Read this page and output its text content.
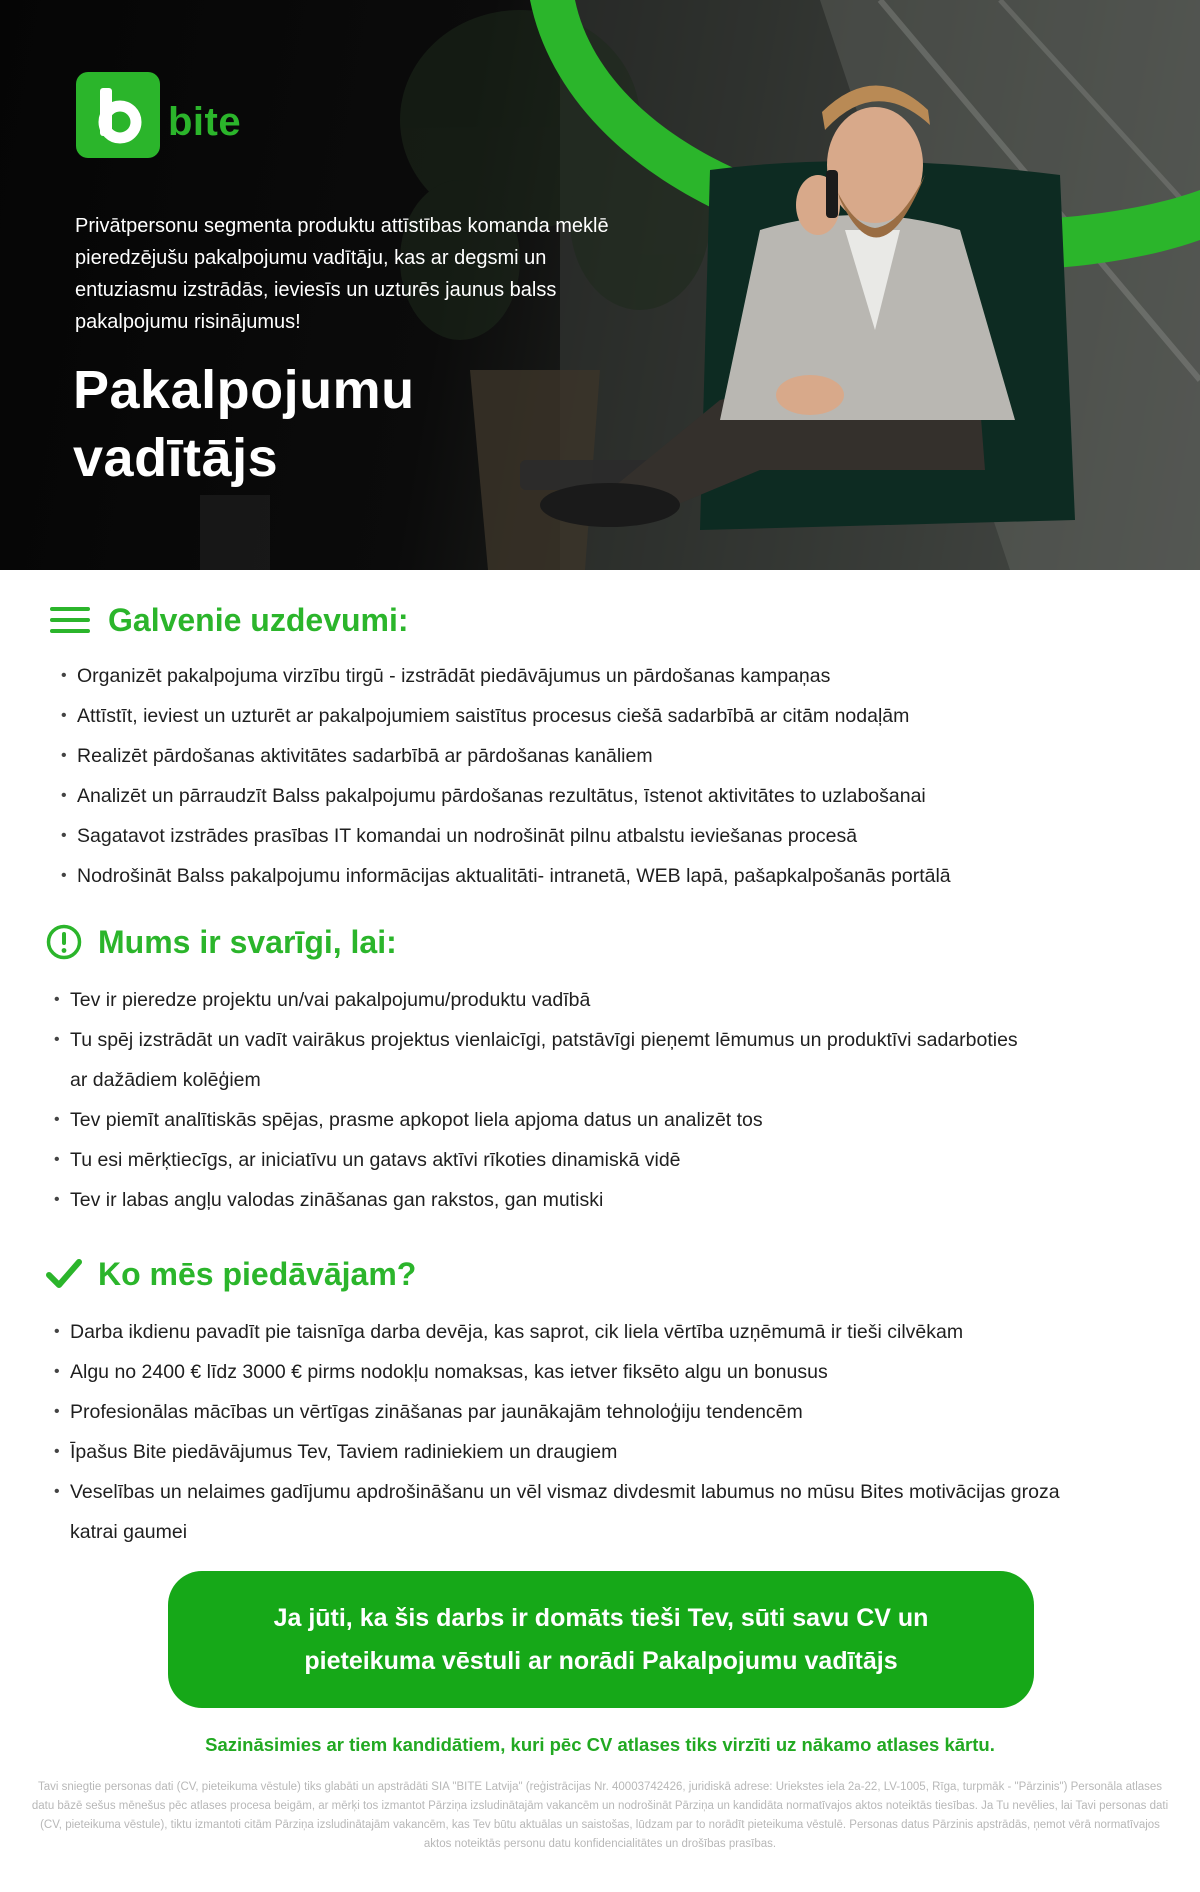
bite

Privātpersonu segmenta produktu attīstības komanda meklē pieredzējušu pakalpojumu vadītāju, kas ar degsmi un entuziasmu izstrādās, ieviesīs un uzturēs jaunus balss pakalpojumu risinājumus!

Pakalpojumu
vadītājs
Galvenie uzdevumi:
• Organizēt pakalpojuma virzību tirgū - izstrādāt piedāvājumus un pārdošanas kampaņas
• Attīstīt, ieviest un uzturēt ar pakalpojumiem saistītus procesus ciešā sadarbībā ar citām nodaļām
• Realizēt pārdošanas aktivitātes sadarbībā ar pārdošanas kanāliem
• Analizēt un pārraudzīt Balss pakalpojumu pārdošanas rezultātus, īstenot aktivitātes to uzlabošanai
• Sagatavot izstrādes prasības IT komandai un nodrošināt pilnu atbalstu ieviešanas procesā
• Nodrošināt Balss pakalpojumu informācijas aktualitāti- intranetā, WEB lapā, pašapkalpošanās portālā
Mums ir svarīgi, lai:
• Tev ir pieredze projektu un/vai pakalpojumu/produktu vadībā
• Tu spēj izstrādāt un vadīt vairākus projektus vienlaicīgi, patstāvīgi pieņemt lēmumus un produktīvi sadarboties
ar dažādiem kolēģiem
• Tev piemīt analītiskās spējas, prasme apkopot liela apjoma datus un analizēt tos
• Tu esi mērķtiecīgs, ar iniciatīvu un gatavs aktīvi rīkoties dinamiskā vidē
• Tev ir labas angļu valodas zināšanas gan rakstos, gan mutiski
Ko mēs piedāvājam?
• Darba ikdienu pavadīt pie taisnīga darba devēja, kas saprot, cik liela vērtība uzņēmumā ir tieši cilvēkam
• Algu no 2400 € līdz 3000 € pirms nodokļu nomaksas, kas ietver fiksēto algu un bonusus
• Profesionālas mācības un vērtīgas zināšanas par jaunākajām tehnoloģiju tendencēm
• Īpašus Bite piedāvājumus Tev, Taviem radiniekiem un draugiem
• Veselības un nelaimes gadījumu apdrošināšanu un vēl vismaz divdesmit labumus no mūsu Bites motivācijas groza
katrai gaumei

Ja jūti, ka šis darbs ir domāts tieši Tev, sūti savu CV un pieteikuma vēstuli ar norādi Pakalpojumu vadītājs

Sazināsimies ar tiem kandidātiem, kuri pēc CV atlases tiks virzīti uz nākamo atlases kārtu.

Tavi sniegtie personas dati (CV, pieteikuma vēstule) tiks glabāti un apstrādāti SIA "BITE Latvija" (reģistrācijas Nr. 40003742426, juridiskā adrese: Uriekstes iela 2a-22, LV-1005, Rīga, turpmāk - "Pārzinis") Personāla atlases datu bāzē sešus mēnešus pēc atlases procesa beigām, ar mērķi tos izmantot Pārziņa izsludinātajām vakancēm un nodrošināt Pārziņa un kandidāta normatīvajos aktos noteiktās tiesības. Ja Tu nevēlies, lai Tavi personas dati (CV, pieteikuma vēstule), tiktu izmantoti citām Pārziņa izsludinātajām vakancēm, kas Tev būtu aktuālas un saistošas, lūdzam par to norādīt pieteikuma vēstulē. Personas datus Pārzinis apstrādās, ņemot vērā normatīvajos aktos noteiktās personu datu konfidencialitātes un drošības prasības.
